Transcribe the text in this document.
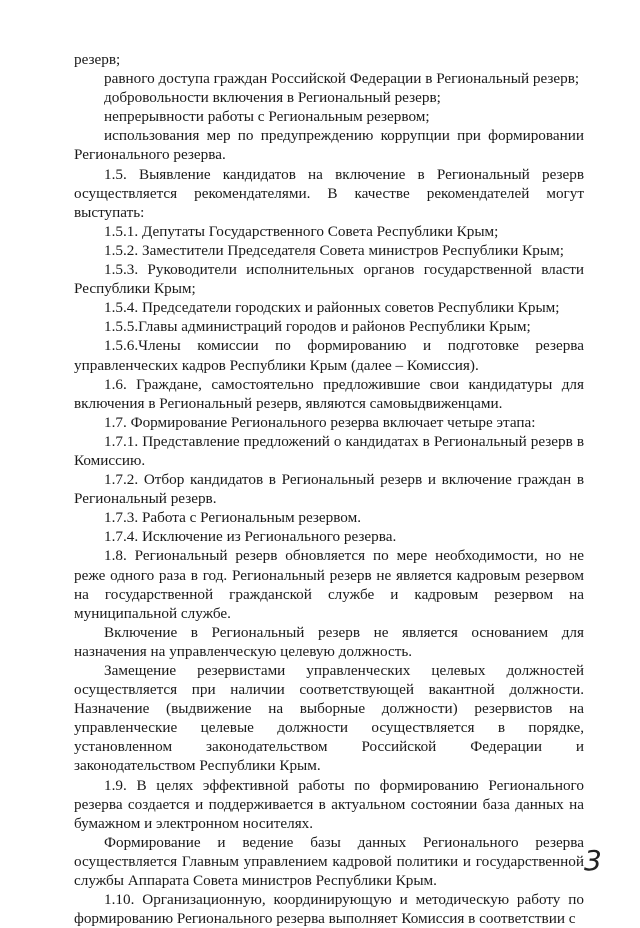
резерв;

равного доступа граждан Российской Федерации в Региональный резерв;

добровольности включения в Региональный резерв;

непрерывности работы с Региональным резервом;

использования мер по предупреждению коррупции при формировании Регионального резерва.

1.5. Выявление кандидатов на включение в Региональный резерв осуществляется рекомендателями. В качестве рекомендателей могут выступать:

1.5.1. Депутаты Государственного Совета Республики Крым;

1.5.2. Заместители Председателя Совета министров Республики Крым;

1.5.3. Руководители исполнительных органов государственной власти Республики Крым;

1.5.4. Председатели городских и районных советов Республики Крым;

1.5.5.Главы администраций городов и районов Республики Крым;

1.5.6.Члены комиссии по формированию и подготовке резерва управленческих кадров Республики Крым (далее – Комиссия).

1.6. Граждане, самостоятельно предложившие свои кандидатуры для включения в Региональный резерв, являются самовыдвиженцами.

1.7. Формирование Регионального резерва включает четыре этапа:

1.7.1. Представление предложений о кандидатах в Региональный резерв в Комиссию.

1.7.2. Отбор кандидатов в Региональный резерв и включение граждан в Региональный резерв.

1.7.3. Работа с Региональным резервом.

1.7.4. Исключение из Регионального резерва.

1.8. Региональный резерв обновляется по мере необходимости, но не реже одного раза в год. Региональный резерв не является кадровым резервом на государственной гражданской службе и кадровым резервом на муниципальной службе.

Включение в Региональный резерв не является основанием для назначения на управленческую целевую должность.

Замещение резервистами управленческих целевых должностей осуществляется при наличии соответствующей вакантной должности. Назначение (выдвижение на выборные должности) резервистов на управленческие целевые должности осуществляется в порядке, установленном законодательством Российской Федерации и законодательством Республики Крым.

1.9. В целях эффективной работы по формированию Регионального резерва создается и поддерживается в актуальном состоянии база данных на бумажном и электронном носителях.

Формирование и ведение базы данных Регионального резерва осуществляется Главным управлением кадровой политики и государственной службы Аппарата Совета министров Республики Крым.

1.10. Организационную, координирующую и методическую работу по формированию Регионального резерва выполняет Комиссия в соответствии с

3
